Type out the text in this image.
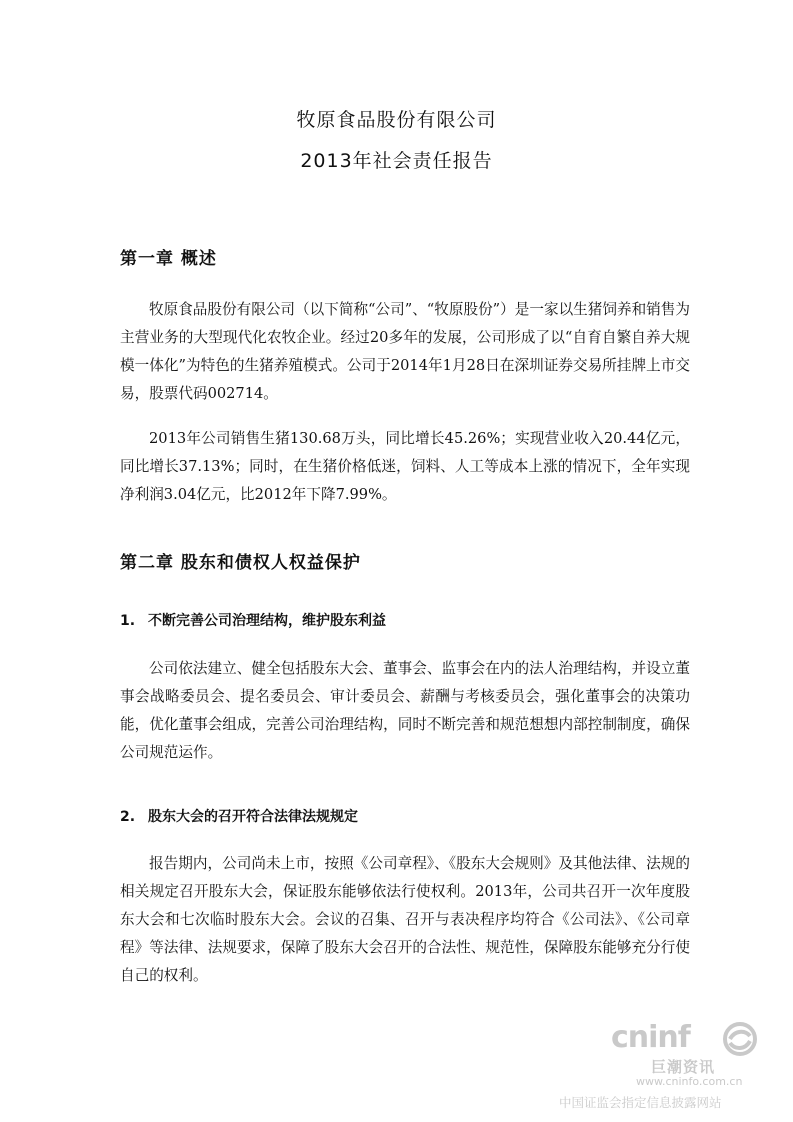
牧原食品股份有限公司
2013年社会责任报告
第一章 概述

牧原食品股份有限公司（以下简称“公司”、“牧原股份”）是一家以生猪饲养和销售为主营业务的大型现代化农牧企业。经过20多年的发展，公司形成了以“自育自繁自养大规模一体化”为特色的生猪养殖模式。公司于2014年1月28日在深圳证券交易所挂牌上市交易，股票代码002714。

2013年公司销售生猪130.68万头，同比增长45.26%；实现营业收入20.44亿元，同比增长37.13%；同时，在生猪价格低迷，饲料、人工等成本上涨的情况下，全年实现净利润3.04亿元，比2012年下降7.99%。

第二章 股东和债权人权益保护
1. 不断完善公司治理结构，维护股东利益

公司依法建立、健全包括股东大会、董事会、监事会在内的法人治理结构，并设立董事会战略委员会、提名委员会、审计委员会、薪酬与考核委员会，强化董事会的决策功能，优化董事会组成，完善公司治理结构，同时不断完善和规范想想内部控制制度，确保公司规范运作。

2. 股东大会的召开符合法律法规规定

报告期内，公司尚未上市，按照《公司章程》、《股东大会规则》及其他法律、法规的相关规定召开股东大会，保证股东能够依法行使权利。2013年，公司共召开一次年度股东大会和七次临时股东大会。会议的召集、召开与表决程序均符合《公司法》、《公司章程》等法律、法规要求，保障了股东大会召开的合法性、规范性，保障股东能够充分行使自己的权利。

cninf
巨潮资讯
www.cninfo.com.cn
中国证监会指定信息披露网站
